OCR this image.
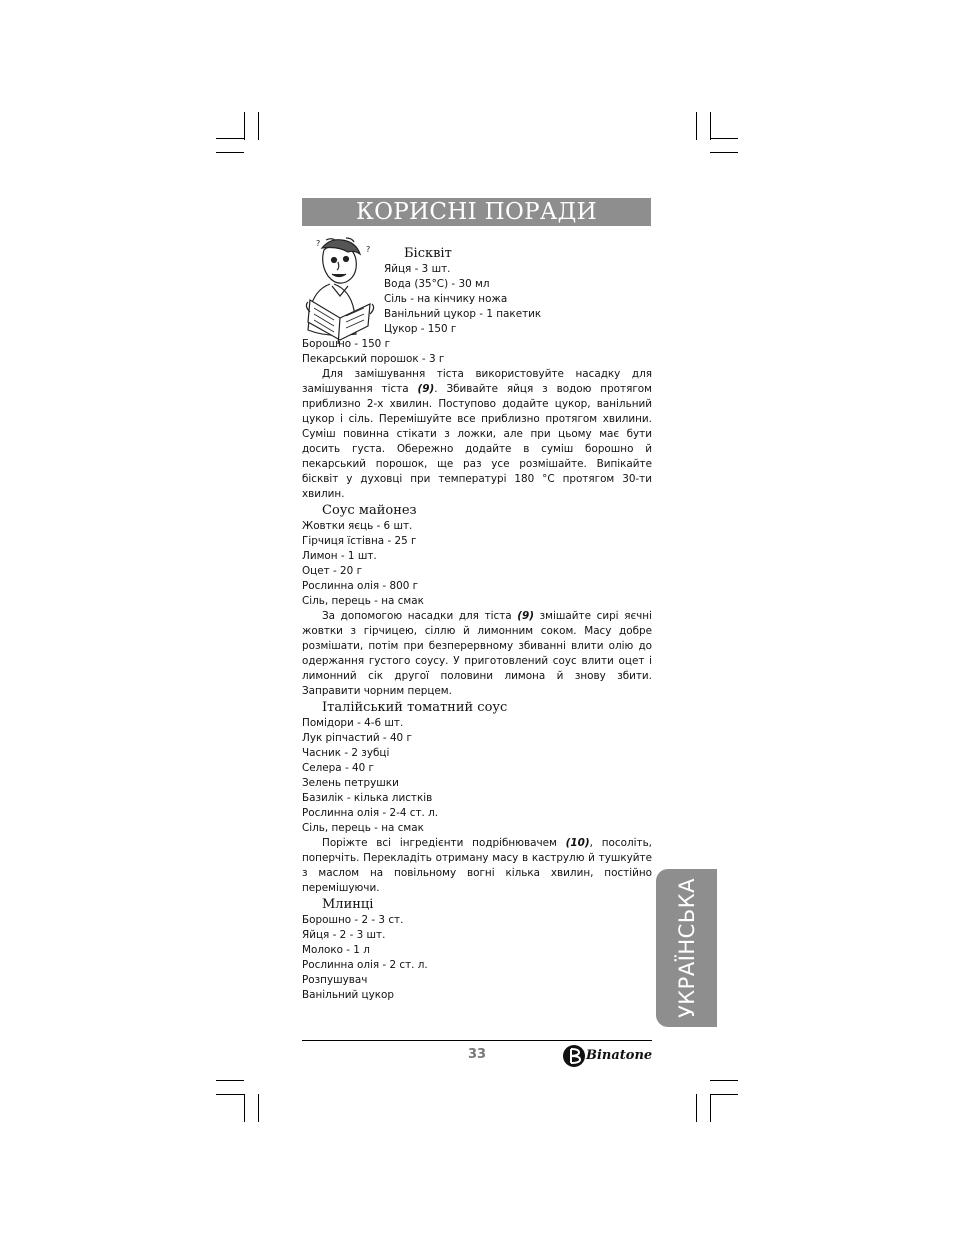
КОРИСНІ ПОРАДИ
?
?	Бісквіт

Яйця - 3 шт.

Вода (35°С) - 30 мл

Сіль - на кінчику ножа

Ванільний цукор - 1 пакетик

Цукор - 150 г

Борошно - 150 г

Пекарський порошок - 3 г

Для замішування тіста використовуйте насадку для замішування тіста (9). Збивайте яйця з водою протягом приблизно 2-х хвилин. Поступово додайте цукор, ванільний цукор і сіль. Перемішуйте все приблизно протягом хвилини. Суміш повинна стікати з ложки, але при цьому має бути досить густа. Обережно додайте в суміш борошно й пекарський порошок, ще раз усе розмішайте. Випікайте бісквіт у духовці при температурі 180 °С протягом 30-ти хвилин.

Соус майонез

Жовтки яєць - 6 шт.

Гірчиця їстівна - 25 г

Лимон - 1 шт.

Оцет - 20 г

Рослинна олія - 800 г

Сіль, перець - на смак

За допомогою насадки для тіста (9) змішайте сирі яєчні жовтки з гірчицею, сіллю й лимонним соком. Масу добре розмішати, потім при безперервному збиванні влити олію до одержання густого соусу. У приготовлений соус влити оцет і лимонний сік другої половини лимона й знову збити. Заправити чорним перцем.

Італійський томатний соус

Помідори - 4-6 шт.

Лук ріпчастий - 40 г

Часник - 2 зубці

Селера - 40 г

Зелень петрушки

Базилік - кілька листків

Рослинна олія - 2-4 ст. л.

Сіль, перець - на смак

Поріжте всі інгредієнти подрібнювачем (10), посоліть, поперчіть. Перекладіть отриману масу в каструлю й тушкуйте з маслом на повільному вогні кілька хвилин, постійно перемішуючи.

Млинці

Борошно - 2 - 3 ст.

Яйця - 2 - 3 шт.

Молоко - 1 л

Рослинна олія - 2 ст. л.

Розпушувач

Ванільний цукор	УКРАЇНСЬКА
33	Binatone
